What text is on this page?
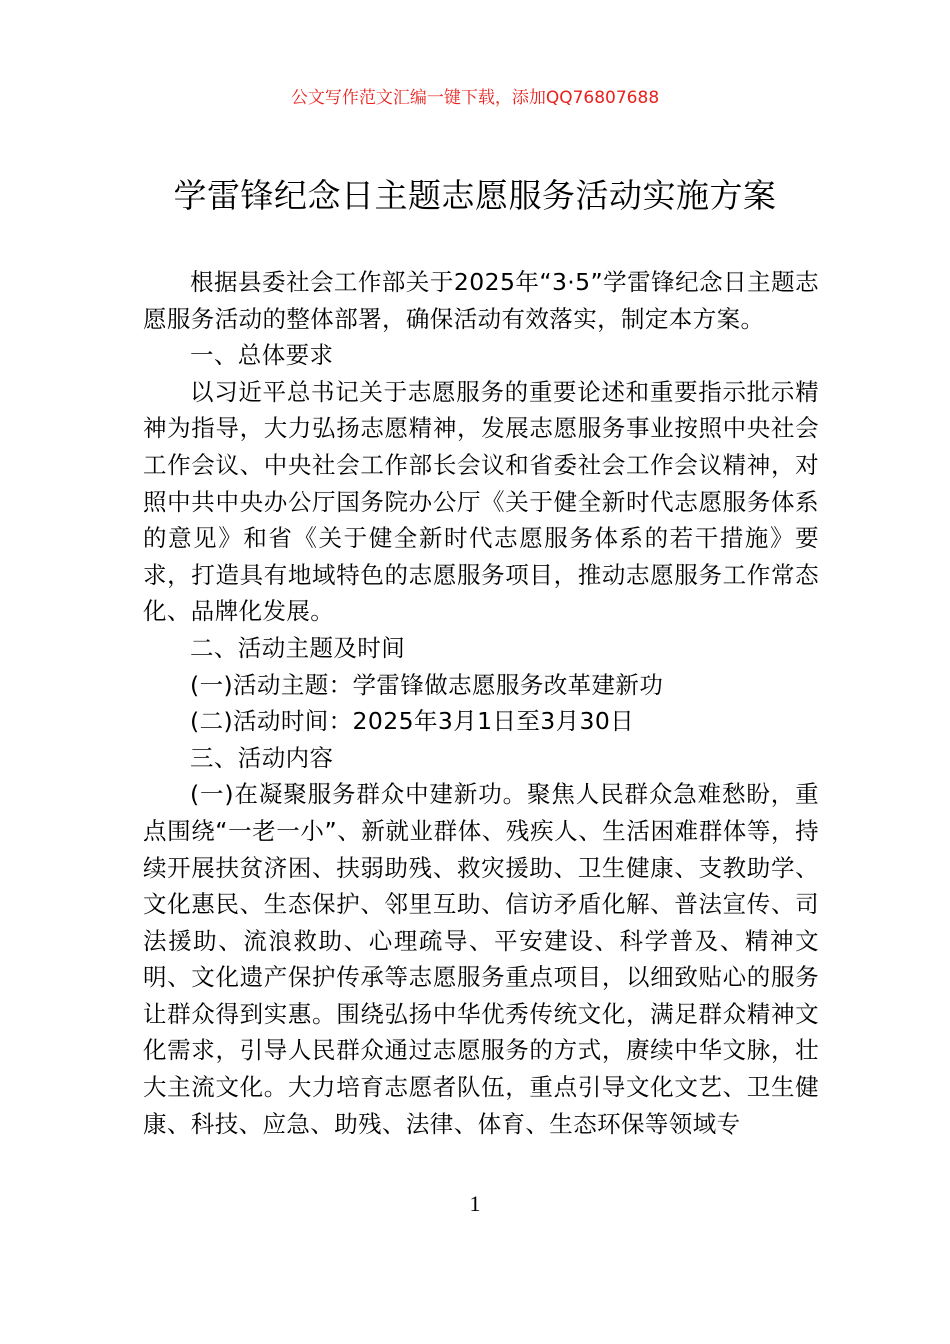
公文写作范文汇编一键下载，添加QQ76807688
学雷锋纪念日主题志愿服务活动实施方案

根据县委社会工作部关于2025年“3·5”学雷锋纪念日主题志愿服务活动的整体部署，确保活动有效落实，制定本方案。

一、总体要求

以习近平总书记关于志愿服务的重要论述和重要指示批示精神为指导，大力弘扬志愿精神，发展志愿服务事业按照中央社会工作会议、中央社会工作部长会议和省委社会工作会议精神，对照中共中央办公厅国务院办公厅《关于健全新时代志愿服务体系的意见》和省《关于健全新时代志愿服务体系的若干措施》要求，打造具有地域特色的志愿服务项目，推动志愿服务工作常态化、品牌化发展。

二、活动主题及时间

(一)活动主题：学雷锋做志愿服务改革建新功

(二)活动时间：2025年3月1日至3月30日

三、活动内容

(一)在凝聚服务群众中建新功。聚焦人民群众急难愁盼，重点围绕“一老一小”、新就业群体、残疾人、生活困难群体等，持续开展扶贫济困、扶弱助残、救灾援助、卫生健康、支教助学、文化惠民、生态保护、邻里互助、信访矛盾化解、普法宣传、司法援助、流浪救助、心理疏导、平安建设、科学普及、精神文明、文化遗产保护传承等志愿服务重点项目，以细致贴心的服务让群众得到实惠。围绕弘扬中华优秀传统文化，满足群众精神文化需求，引导人民群众通过志愿服务的方式，赓续中华文脉，壮大主流文化。大力培育志愿者队伍，重点引导文化文艺、卫生健康、科技、应急、助残、法律、体育、生态环保等领域专

1
